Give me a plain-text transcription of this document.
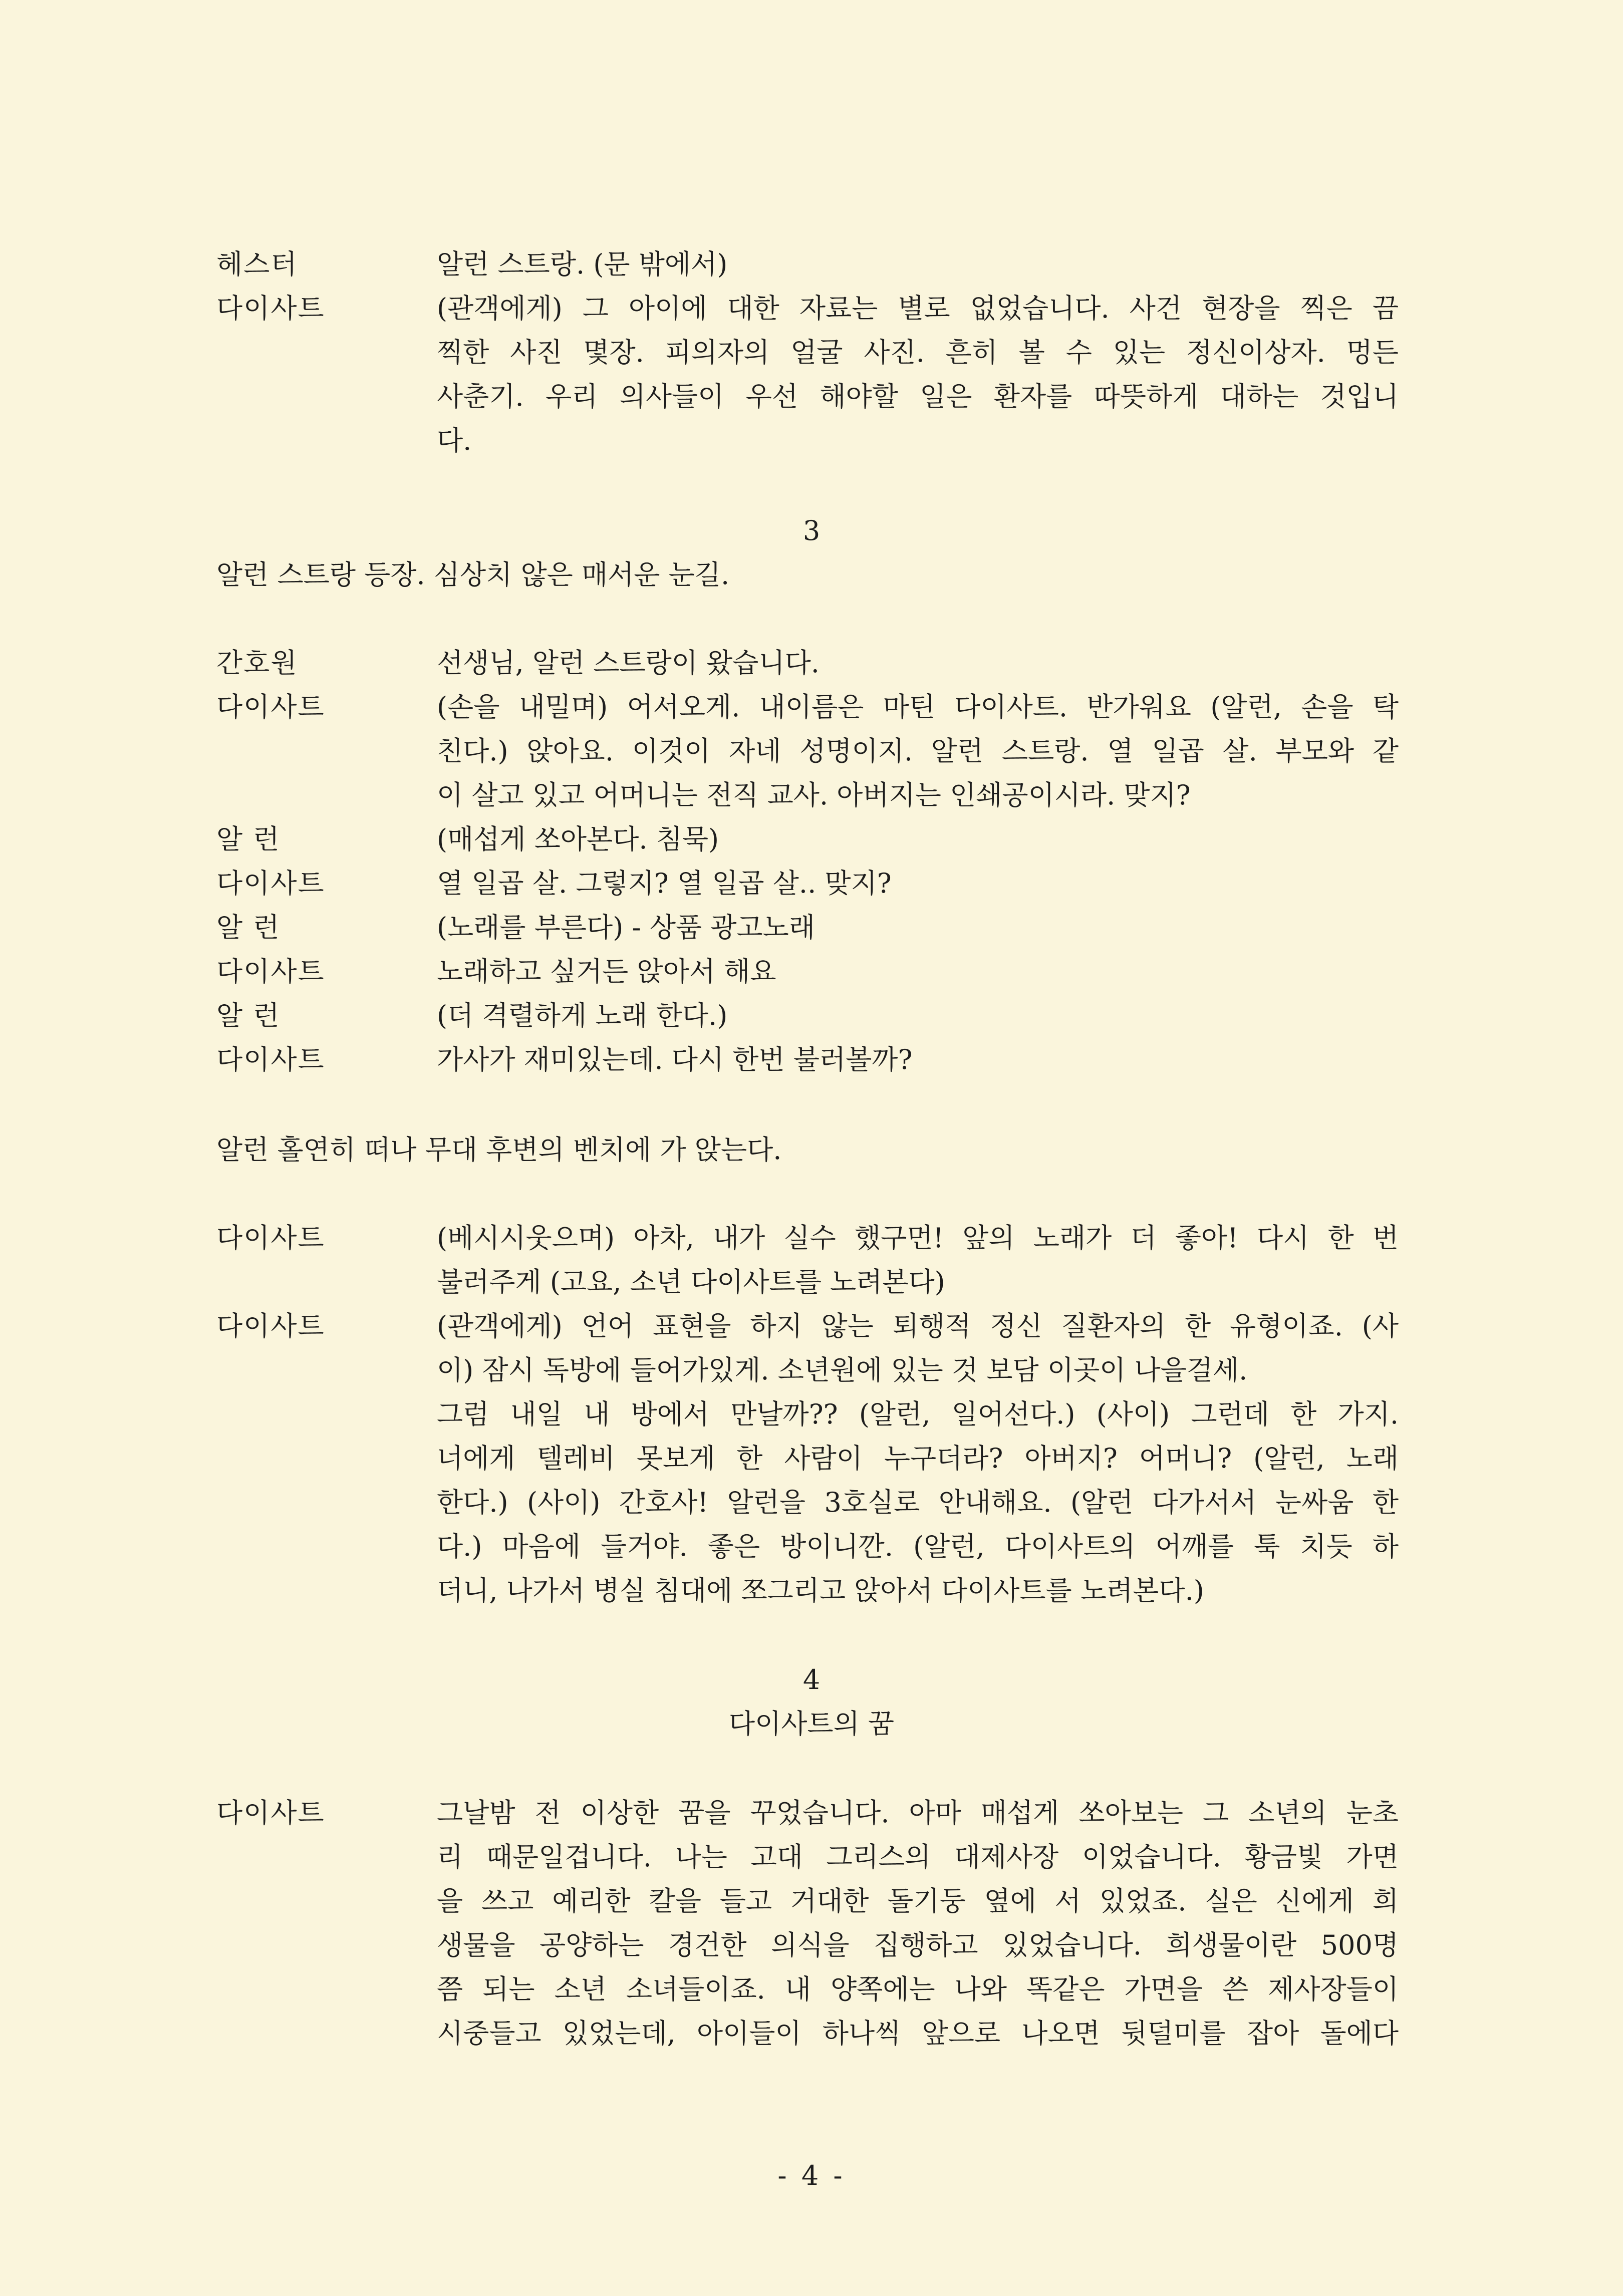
헤스터	알런 스트랑. (문 밖에서)
다이사트	(관객에게) 그 아이에 대한 자료는 별로 없었습니다. 사건 현장을 찍은 끔
찍한 사진 몇장. 피의자의 얼굴 사진. 흔히 볼 수 있는 정신이상자. 멍든
사춘기. 우리 의사들이 우선 해야할 일은 환자를 따뜻하게 대하는 것입니
다.
3
알런 스트랑 등장. 심상치 않은 매서운 눈길.
간호원	선생님, 알런 스트랑이 왔습니다.
다이사트	(손을 내밀며) 어서오게. 내이름은 마틴 다이사트. 반가워요 (알런, 손을 탁
친다.) 앉아요. 이것이 자네 성명이지. 알런 스트랑. 열 일곱 살. 부모와 같
이 살고 있고 어머니는 전직 교사. 아버지는 인쇄공이시라. 맞지?
알 런	(매섭게 쏘아본다. 침묵)
다이사트	열 일곱 살. 그렇지? 열 일곱 살.. 맞지?
알 런	(노래를 부른다) - 상품 광고노래
다이사트	노래하고 싶거든 앉아서 해요
알 런	(더 격렬하게 노래 한다.)
다이사트	가사가 재미있는데. 다시 한번 불러볼까?
알런 홀연히 떠나 무대 후변의 벤치에 가 앉는다.
다이사트	(베시시웃으며) 아차, 내가 실수 했구먼! 앞의 노래가 더 좋아! 다시 한 번
불러주게 (고요, 소년 다이사트를 노려본다)
다이사트	(관객에게) 언어 표현을 하지 않는 퇴행적 정신 질환자의 한 유형이죠. (사
이) 잠시 독방에 들어가있게. 소년원에 있는 것 보담 이곳이 나을걸세.
그럼 내일 내 방에서 만날까?? (알런, 일어선다.) (사이) 그런데 한 가지.
너에게 텔레비 못보게 한 사람이 누구더라? 아버지? 어머니? (알런, 노래
한다.) (사이) 간호사! 알런을 3호실로 안내해요. (알런 다가서서 눈싸움 한
다.) 마음에 들거야. 좋은 방이니깐. (알런, 다이사트의 어깨를 툭 치듯 하
더니, 나가서 병실 침대에 쪼그리고 앉아서 다이사트를 노려본다.)
4
다이사트의 꿈
다이사트	그날밤 전 이상한 꿈을 꾸었습니다. 아마 매섭게 쏘아보는 그 소년의 눈초
리 때문일겁니다. 나는 고대 그리스의 대제사장 이었습니다. 황금빛 가면
을 쓰고 예리한 칼을 들고 거대한 돌기둥 옆에 서 있었죠. 실은 신에게 희
생물을 공양하는 경건한 의식을 집행하고 있었습니다. 희생물이란 500명
쯤 되는 소년 소녀들이죠. 내 양쪽에는 나와 똑같은 가면을 쓴 제사장들이
시중들고 있었는데, 아이들이 하나씩 앞으로 나오면 뒷덜미를 잡아 돌에다
- 4 -
